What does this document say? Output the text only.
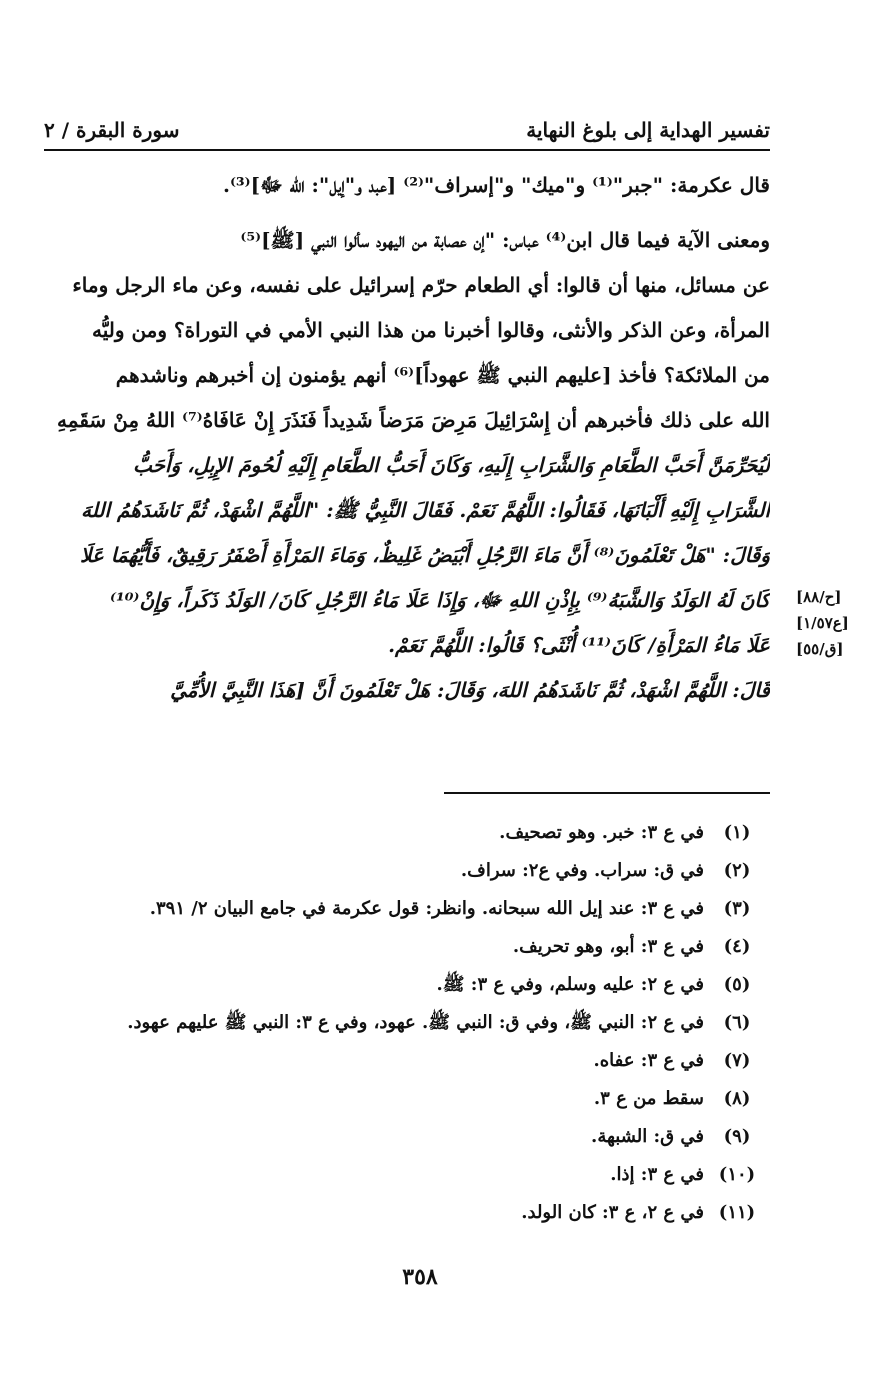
تفسير الهداية إلى بلوغ النهاية
سورة البقرة / ٢
قال عكرمة: "جبر"⁽¹⁾ و"ميك" و"إسراف"⁽²⁾ [عبد و"إيل": الله ﷻ]⁽³⁾.
ومعنى الآية فيما قال ابن⁽⁴⁾ عباس: "إن عصابة من اليهود سألوا النبي [ﷺ]⁽⁵⁾
عن مسائل، منها أن قالوا: أي الطعام حرّم إسرائيل على نفسه، وعن ماء الرجل وماء
المرأة، وعن الذكر والأنثى، وقالوا أخبرنا من هذا النبي الأمي في التوراة؟ ومن وليُّه
من الملائكة؟ فأخذ [عليهم النبي ﷺ عهوداً]⁽⁶⁾ أنهم يؤمنون إن أخبرهم وناشدهم
الله على ذلك فأخبرهم أن إِسْرَائِيلَ مَرِضَ مَرَضاً شَدِيداً فَنَذَرَ إِنْ عَافَاهُ⁽⁷⁾ اللهُ مِنْ سَقَمِهِ
لَيُحَرِّمَنَّ أَحَبَّ الطَّعَامِ وَالشَّرَابِ إِلَيهِ، وَكَانَ أَحَبُّ الطَّعَامِ إِلَيْهِ لُحُومَ الإِبِلِ، وَأَحَبُّ
الشَّرَابِ إِلَيْهِ أَلْبَانَهَا، فَقَالُوا: اللَّهُمَّ نَعَمْ. فَقَالَ النَّبِيُّ ﷺ: "اللَّهُمَّ اشْهَدْ، ثُمَّ نَاشَدَهُمُ اللهَ
وَقَالَ: "هَلْ تَعْلَمُونَ⁽⁸⁾ أَنَّ مَاءَ الرَّجُلِ أَبْيَضُ غَلِيظٌ، وَمَاءَ المَرْأَةِ أَصْفَرُ رَقِيقٌ، فَأَيُّهُمَا عَلَا
كَانَ لَهُ الوَلَدُ وَالشَّبَهُ⁽⁹⁾ بِإِذْنِ اللهِ ﷻ، وَإِذَا عَلَا مَاءُ الرَّجُلِ كَانَ/ الوَلَدُ ذَكَراً، وَإِنْ⁽¹⁰⁾
عَلَا مَاءُ المَرْأَةِ/ كَانَ⁽¹¹⁾ أُنْثَى؟ قَالُوا: اللَّهُمَّ نَعَمْ.
قَالَ: اللَّهُمَّ اشْهَدْ، ثُمَّ نَاشَدَهُمُ اللهَ، وَقَالَ: هَلْ تَعْلَمُونَ أَنَّ [هَذَا النَّبِيَّ الأُمِّيَّ
[ح/٨٨]
[ع١/٥٧]
[ق/٥٥]
(١)
في ع ٣: خبر. وهو تصحيف.
(٢)
في ق: سراب. وفي ع٢: سراف.
(٣)
في ع ٣: عند إيل الله سبحانه. وانظر: قول عكرمة في جامع البيان ٢/ ٣٩١.
(٤)
في ع ٣: أبو، وهو تحريف.
(٥)
في ع ٢: عليه وسلم، وفي ع ٣: ﷺ.
(٦)
في ع ٢: النبي ﷺ، وفي ق: النبي ﷺ. عهود، وفي ع ٣: النبي ﷺ عليهم عهود.
(٧)
في ع ٣: عفاه.
(٨)
سقط من ع ٣.
(٩)
في ق: الشبهة.
(١٠)
في ع ٣: إذا.
(١١)
في ع ٢، ع ٣: كان الولد.
٣٥٨
